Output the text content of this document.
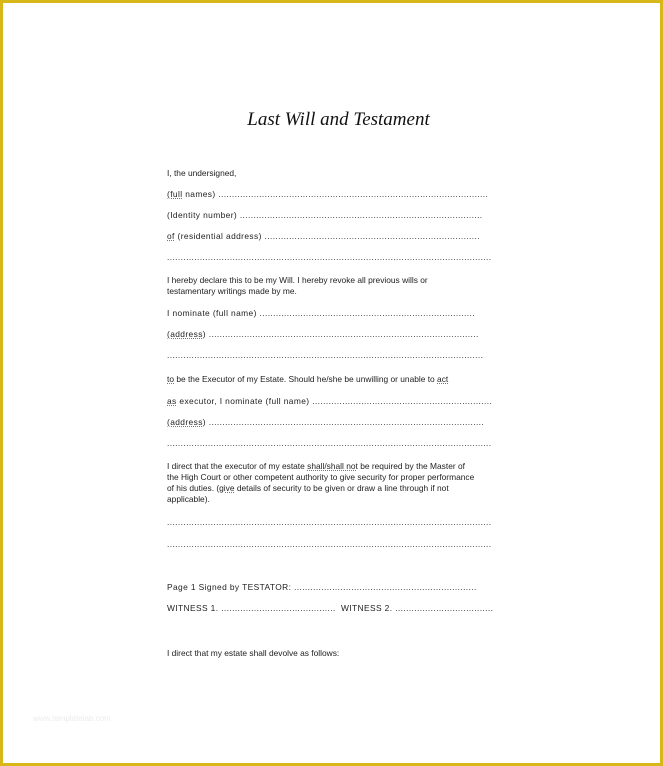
Last Will and Testament
I, the undersigned,
(full names) ...................................................................................................
(Identity number) .........................................................................................
of (residential address) ...............................................................................
.......................................................................................................................
I hereby declare this to be my Will. I hereby revoke all previous wills or
testamentary writings made by me.
I nominate (full name) ...............................................................................
(address) ...................................................................................................
....................................................................................................................
to be the Executor of my Estate. Should he/she be unwilling or unable to act
as executor, I nominate (full name) ..................................................................
(address) .....................................................................................................
.......................................................................................................................
I direct that the executor of my estate shall/shall not be required by the Master of
the High Court or other competent authority to give security for proper performance
of his duties. (give details of security to be given or draw a line through if not
applicable).
.......................................................................................................................
.......................................................................................................................
Page 1 Signed by TESTATOR: ...................................................................
WITNESS 1. .......................................... WITNESS 2. ....................................
I direct that my estate shall devolve as follows:
www.templatelab.com
